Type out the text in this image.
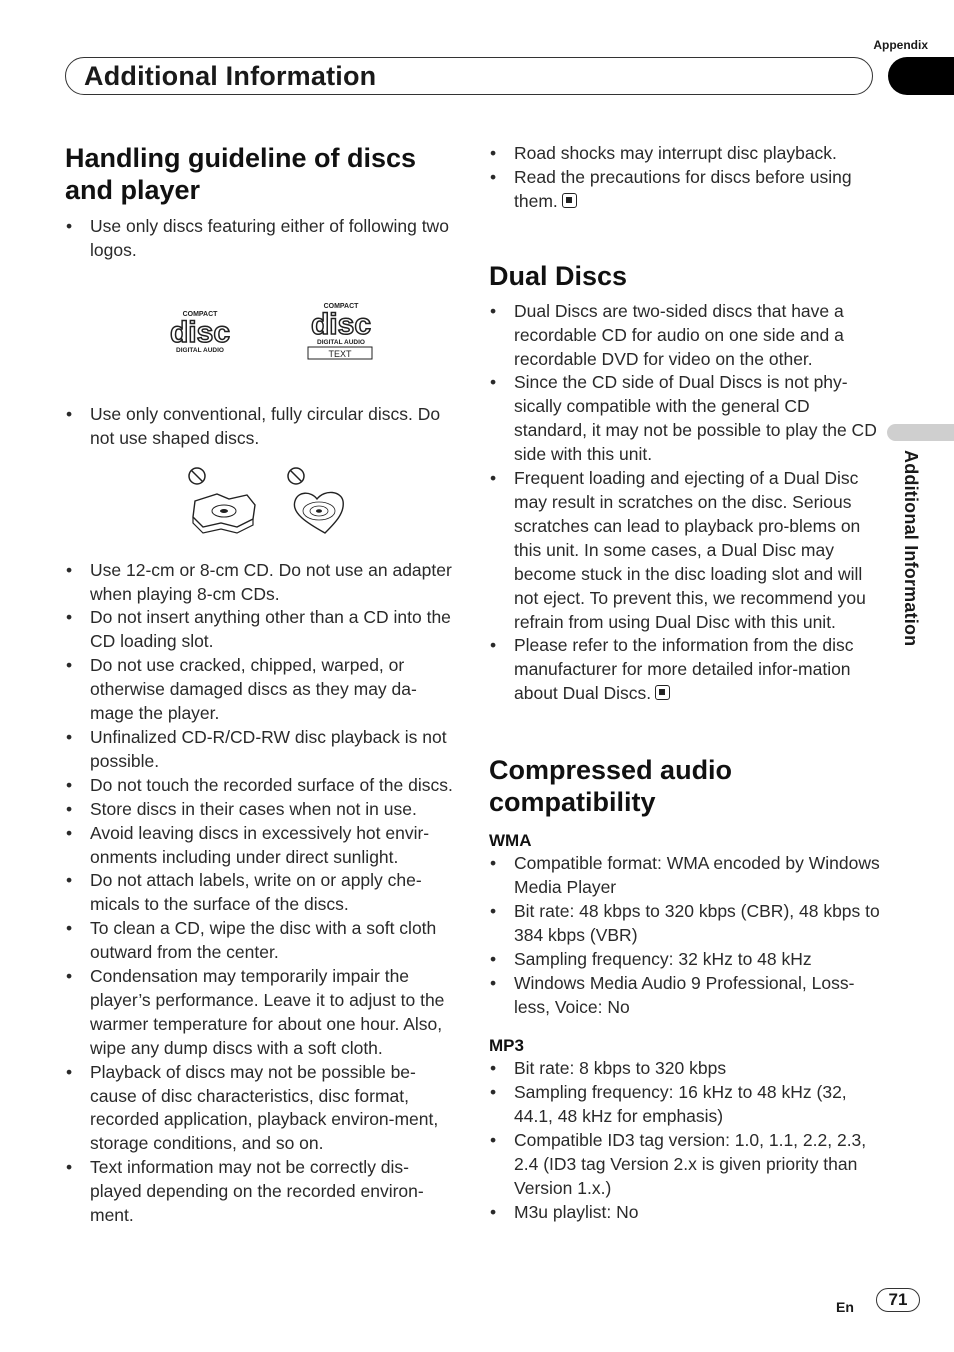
Appendix
Additional Information
Additional Information
Handling guideline of discs and player
• Use only discs featuring either of following two logos.
COMPACT
disc
DIGITAL AUDIO
COMPACT
disc
DIGITAL AUDIO
TEXT
• Use only conventional, fully circular discs. Do not use shaped discs.
• Use 12-cm or 8-cm CD. Do not use an adapter when playing 8-cm CDs.
• Do not insert anything other than a CD into the CD loading slot.
• Do not use cracked, chipped, warped, or otherwise damaged discs as they may da-mage the player.
• Unfinalized CD-R/CD-RW disc playback is not possible.
• Do not touch the recorded surface of the discs.
• Store discs in their cases when not in use.
• Avoid leaving discs in excessively hot envir-onments including under direct sunlight.
• Do not attach labels, write on or apply che-micals to the surface of the discs.
• To clean a CD, wipe the disc with a soft cloth outward from the center.
• Condensation may temporarily impair the player’s performance. Leave it to adjust to the warmer temperature for about one hour. Also, wipe any dump discs with a soft cloth.
• Playback of discs may not be possible be-cause of disc characteristics, disc format, recorded application, playback environ-ment, storage conditions, and so on.
• Text information may not be correctly dis-played depending on the recorded environ-ment.
• Road shocks may interrupt disc playback.
• Read the precautions for discs before using them.
Dual Discs
• Dual Discs are two-sided discs that have a recordable CD for audio on one side and a recordable DVD for video on the other.
• Since the CD side of Dual Discs is not phy-sically compatible with the general CD standard, it may not be possible to play the CD side with this unit.
• Frequent loading and ejecting of a Dual Disc may result in scratches on the disc. Serious scratches can lead to playback pro-blems on this unit. In some cases, a Dual Disc may become stuck in the disc loading slot and will not eject. To prevent this, we recommend you refrain from using Dual Disc with this unit.
• Please refer to the information from the disc manufacturer for more detailed infor-mation about Dual Discs.
Compressed audio compatibility
WMA
• Compatible format: WMA encoded by Windows Media Player
• Bit rate: 48 kbps to 320 kbps (CBR), 48 kbps to 384 kbps (VBR)
• Sampling frequency: 32 kHz to 48 kHz
• Windows Media Audio 9 Professional, Loss-less, Voice: No
MP3
• Bit rate: 8 kbps to 320 kbps
• Sampling frequency: 16 kHz to 48 kHz (32, 44.1, 48 kHz for emphasis)
• Compatible ID3 tag version: 1.0, 1.1, 2.2, 2.3, 2.4 (ID3 tag Version 2.x is given priority than Version 1.x.)
• M3u playlist: No
En	71
